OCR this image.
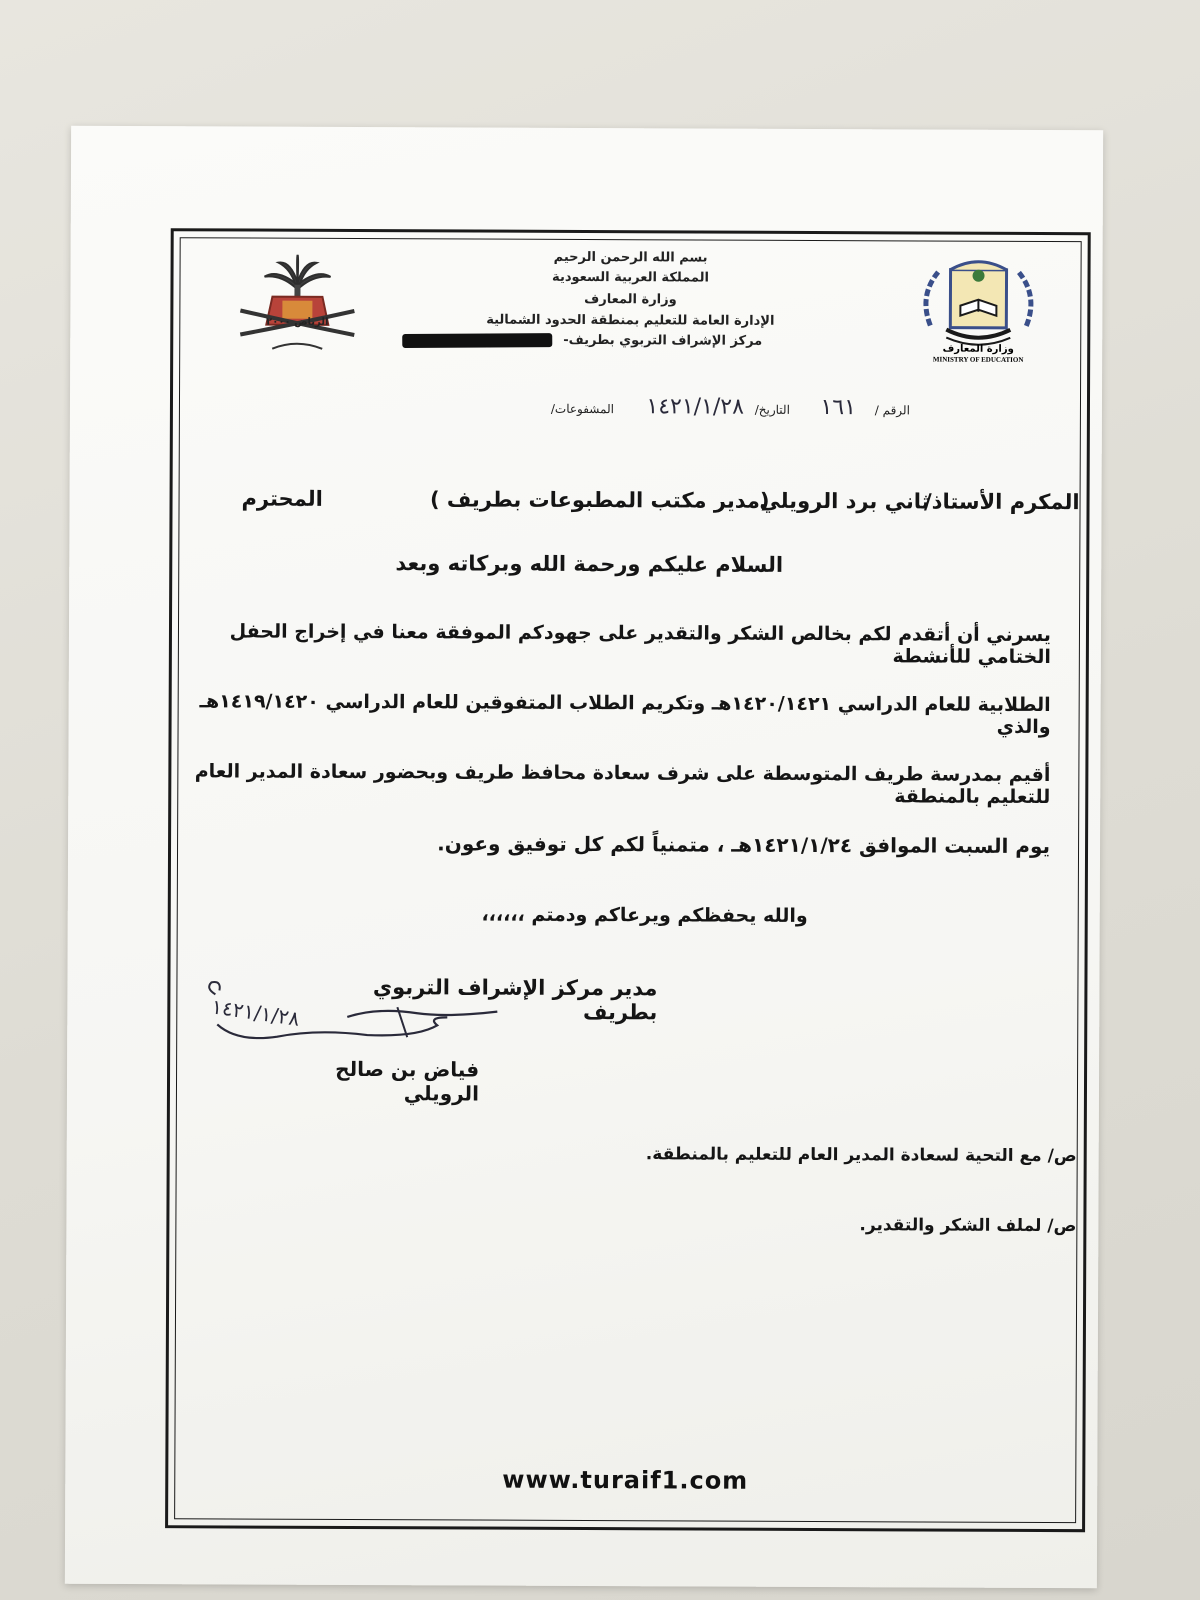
وزارة المعارف
MINISTRY OF EDUCATION
الرياض ٢٠٠٠
بسم الله الرحمن الرحيم
المملكة العربية السعودية
وزارة المعارف
الإدارة العامة للتعليم بمنطقة الحدود الشمالية
مركز الإشراف التربوي بطريف-
الرقم /
١٦١
التاريخ/
١٤٢١/١/٢٨
المشفوعات/
المكرم الأستاذ/
ثاني برد الرويلي
(مدير مكتب المطبوعات بطريف )
المحترم
السلام عليكم ورحمة الله وبركاته وبعد
يسرني أن أتقدم لكم بخالص الشكر والتقدير على جهودكم الموفقة معنا في إخراج الحفل الختامي للأنشطة
الطلابية للعام الدراسي ١٤٢٠/١٤٢١هـ وتكريم الطلاب المتفوقين للعام الدراسي ١٤١٩/١٤٢٠هـ والذي
أقيم بمدرسة طريف المتوسطة على شرف سعادة محافظ طريف وبحضور سعادة المدير العام للتعليم بالمنطقة
يوم السبت الموافق ١٤٢١/١/٢٤هـ ، متمنياً لكم كل توفيق وعون.
والله يحفظكم ويرعاكم ودمتم ،،،،،،
مدير مركز الإشراف التربوي بطريف
١٤٢١/١/٢٨
فياض بن صالح الرويلي
ص/ مع التحية لسعادة المدير العام للتعليم بالمنطقة.
ص/ لملف الشكر والتقدير.
www.turaif1.com
